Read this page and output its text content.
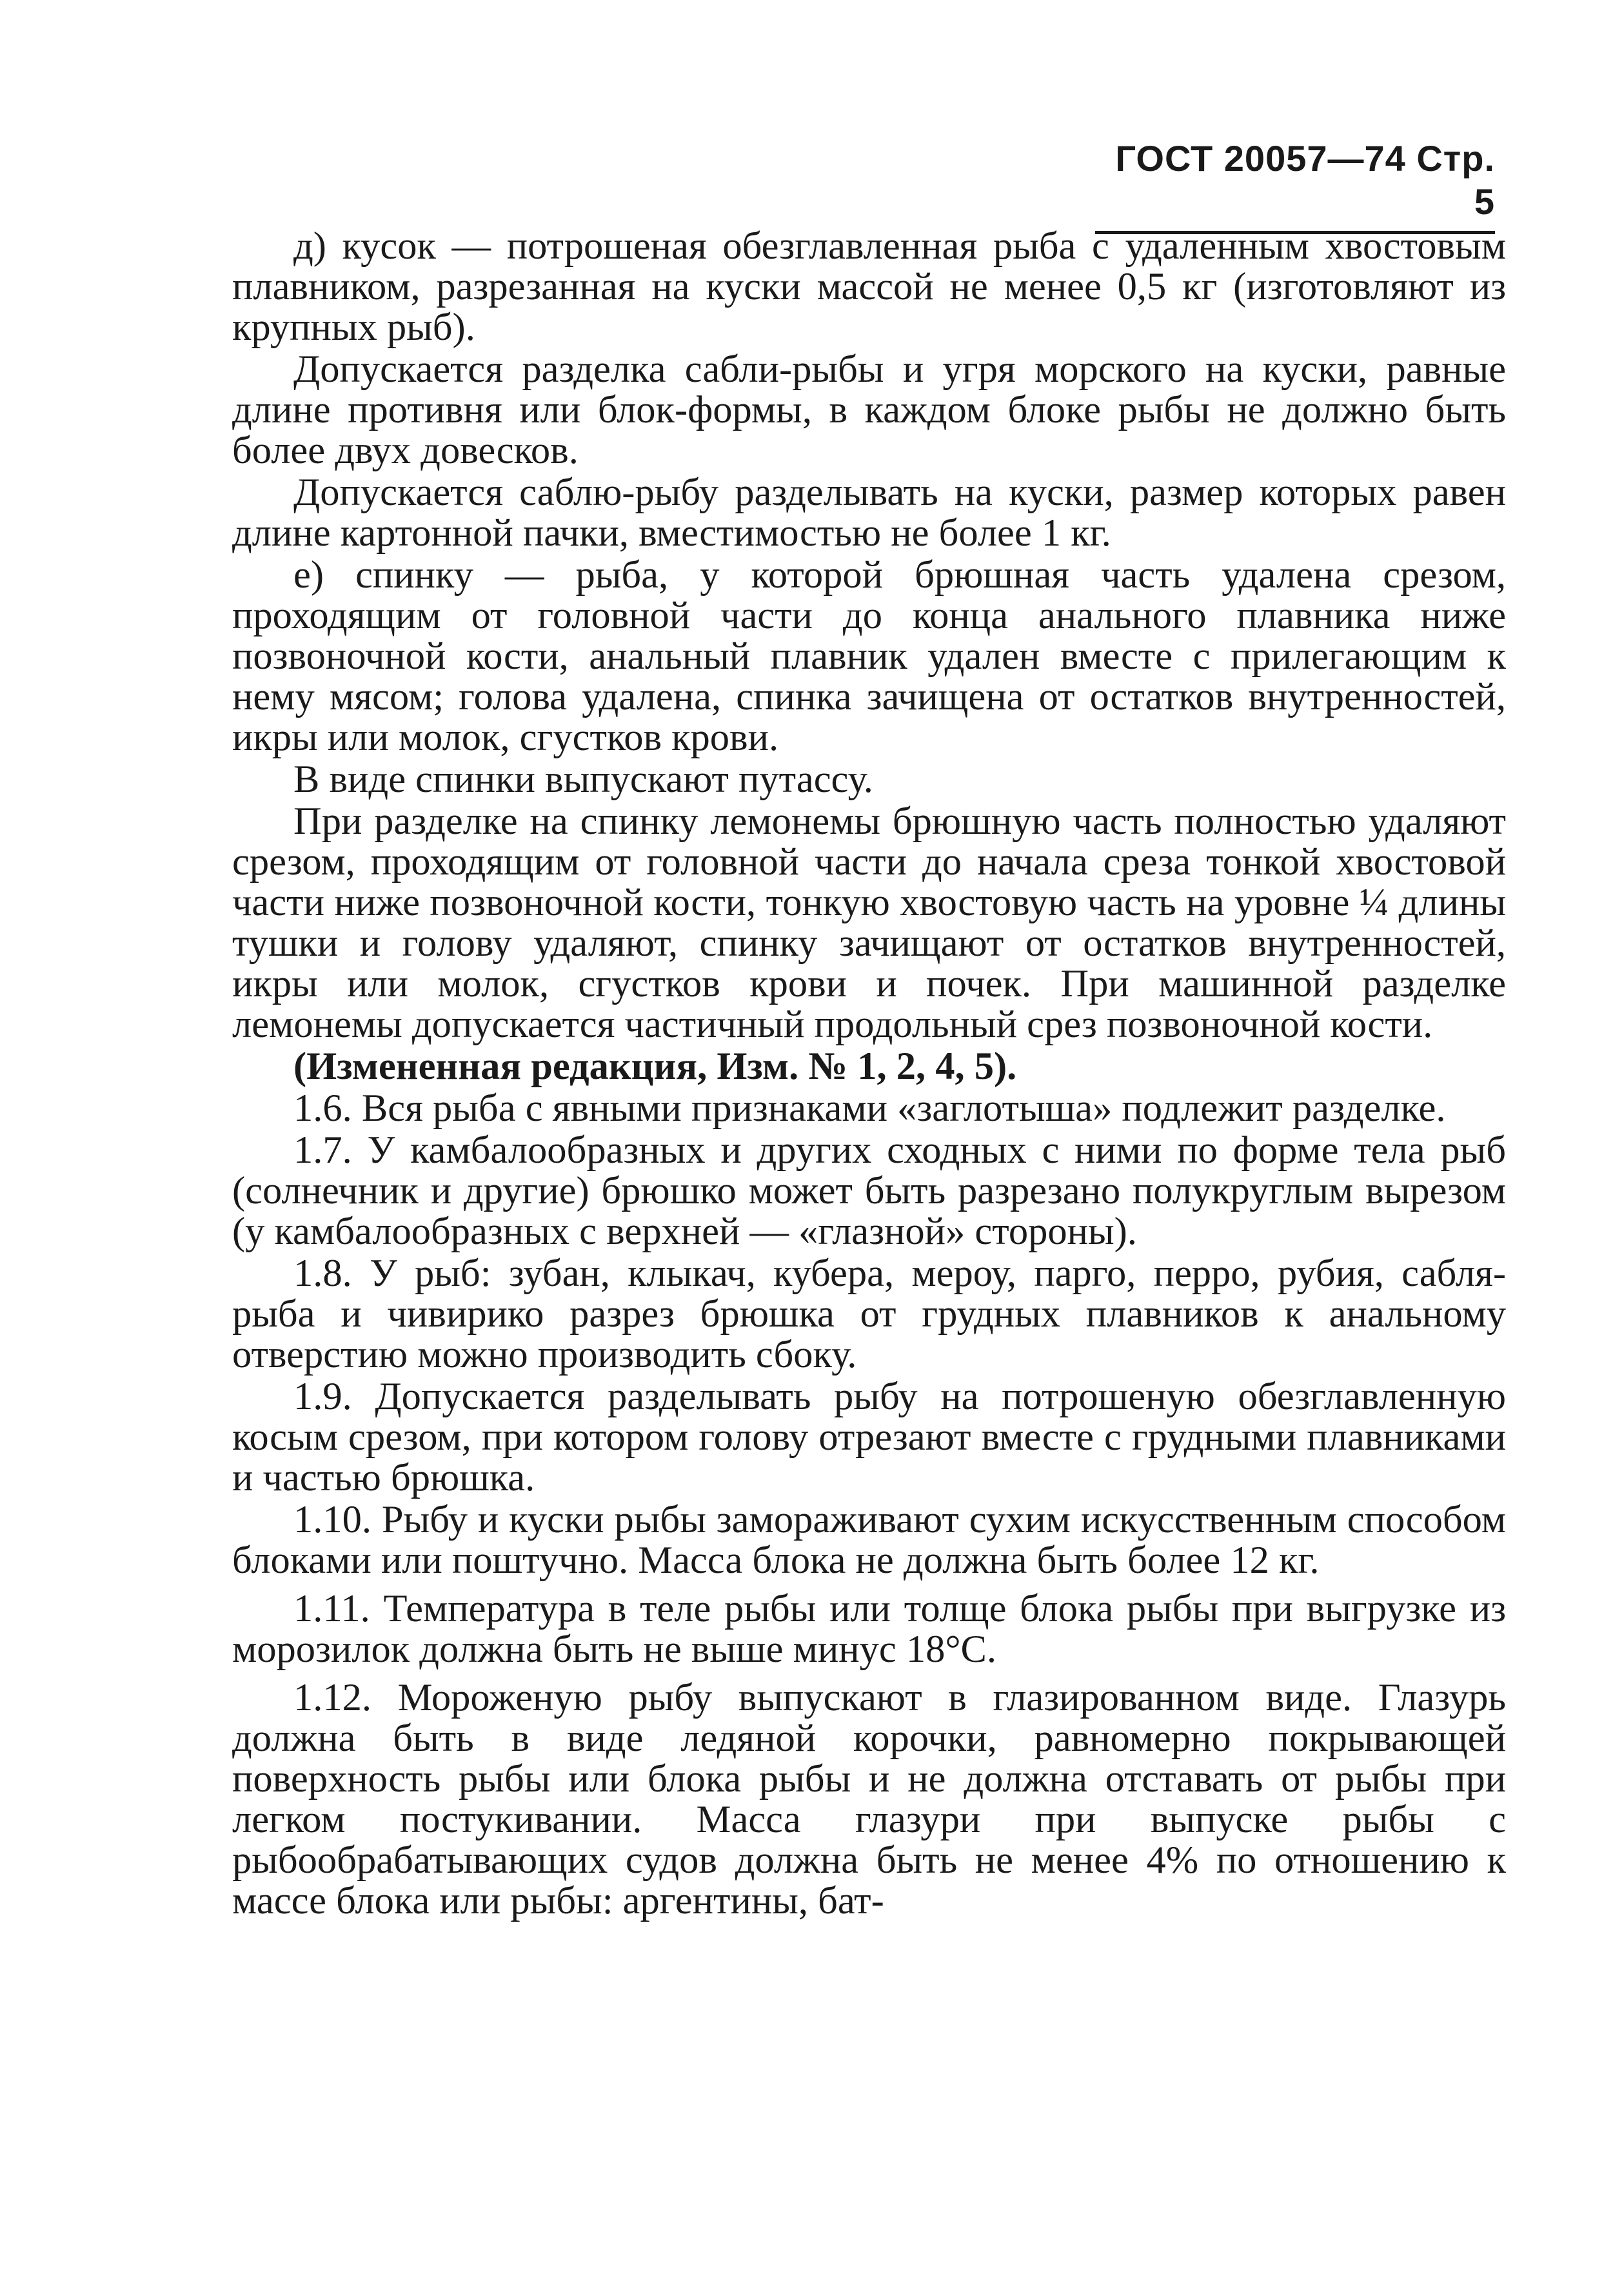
ГОСТ 20057—74 Стр. 5

д) кусок — потрошеная обезглавленная рыба с удаленным хвостовым плавником, разрезанная на куски массой не менее 0,5 кг (изготовляют из крупных рыб).

Допускается разделка сабли-рыбы и угря морского на куски, равные длине противня или блок-формы, в каждом блоке рыбы не должно быть более двух довесков.

Допускается саблю-рыбу разделывать на куски, размер которых равен длине картонной пачки, вместимостью не более 1 кг.

е) спинку — рыба, у которой брюшная часть удалена срезом, проходящим от головной части до конца анального плавника ниже позвоночной кости, анальный плавник удален вместе с прилегающим к нему мясом; голова удалена, спинка зачищена от остатков внутренностей, икры или молок, сгустков крови.

В виде спинки выпускают путассу.

При разделке на спинку лемонемы брюшную часть полностью удаляют срезом, проходящим от головной части до начала среза тонкой хвостовой части ниже позвоночной кости, тонкую хвостовую часть на уровне ¼ длины тушки и голову удаляют, спинку зачищают от остатков внутренностей, икры или молок, сгустков крови и почек. При машинной разделке лемонемы допускается частичный продольный срез позвоночной кости.

(Измененная редакция, Изм. № 1, 2, 4, 5).

1.6. Вся рыба с явными признаками «заглотыша» подлежит разделке.

1.7. У камбалообразных и других сходных с ними по форме тела рыб (солнечник и другие) брюшко может быть разрезано полукруглым вырезом (у камбалообразных с верхней — «глазной» стороны).

1.8. У рыб: зубан, клыкач, кубера, мероу, парго, перро, рубия, сабля-рыба и чивирико разрез брюшка от грудных плавников к анальному отверстию можно производить сбоку.

1.9. Допускается разделывать рыбу на потрошеную обезглавленную косым срезом, при котором голову отрезают вместе с грудными плавниками и частью брюшка.

1.10. Рыбу и куски рыбы замораживают сухим искусственным способом блоками или поштучно. Масса блока не должна быть более 12 кг.

1.11. Температура в теле рыбы или толще блока рыбы при выгрузке из морозилок должна быть не выше минус 18°С.

1.12. Мороженую рыбу выпускают в глазированном виде. Глазурь должна быть в виде ледяной корочки, равномерно покрывающей поверхность рыбы или блока рыбы и не должна отставать от рыбы при легком постукивании. Масса глазури при выпуске рыбы с рыбообрабатывающих судов должна быть не менее 4% по отношению к массе блока или рыбы: аргентины, бат-
